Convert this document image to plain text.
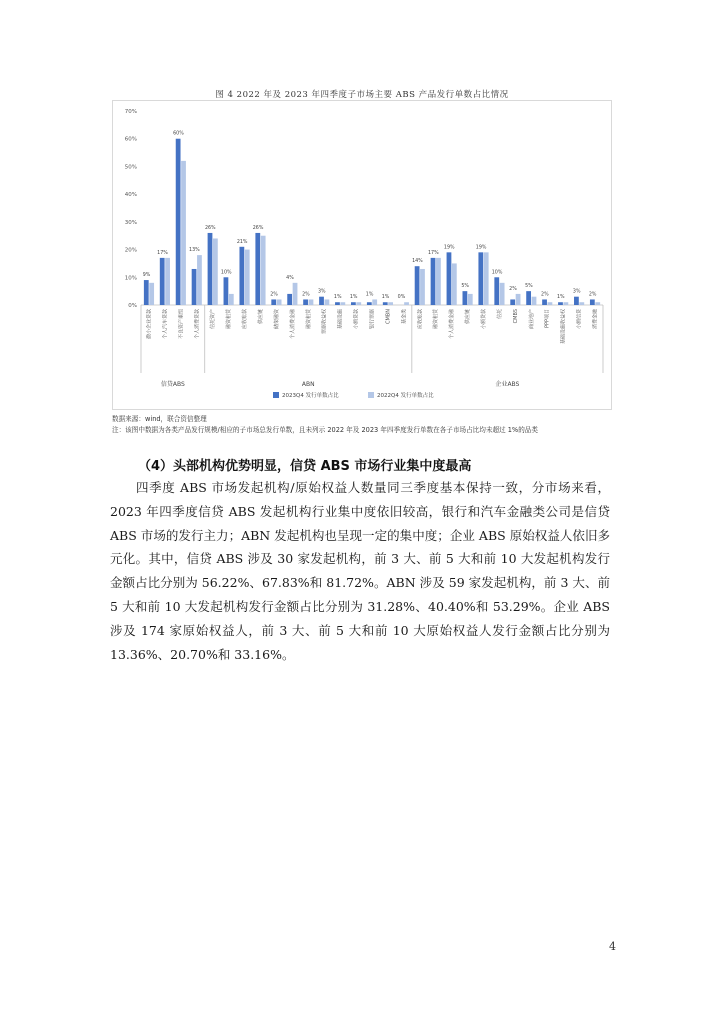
图 4 2022 年及 2023 年四季度子市场主要 ABS 产品发行单数占比情况
0%
10%
20%
30%
40%
50%
60%
70%
9%
微小企业贷款
17%
个人汽车贷款
60%
不良资产重组
13%
个人消费贷款
26%
信托资产
10%
融资租赁
21%
应收账款
26%
供应链
2%
储架融资
4%
个人消费金融
2%
融资租赁
3%
票据收益权
1%
基础设施
1%
小额贷款
1%
银行票据
1%
CMBN
0%
基金类
14%
应收账款
17%
融资租赁
19%
个人消费金融
5%
供应链
19%
小额贷款
10%
信托
2%
CMBS
5%
商业地产
2%
PPP项目
1%
基础设施收益权
3%
小额信贷
2%
消费金融
信贷ABS	ABN	企业ABS
2023Q4 发行单数占比	2022Q4 发行单数占比
数据来源：wind，联合资信整理
注：该图中数据为各类产品发行规模/相应的子市场总发行单数，且未列示 2022 年及 2023 年四季度发行单数在各子市场占比均未超过 1%的品类
（4）头部机构优势明显，信贷 ABS 市场行业集中度最高
四季度 ABS 市场发起机构/原始权益人数量同三季度基本保持一致，分市场来看，2023 年四季度信贷 ABS 发起机构行业集中度依旧较高，银行和汽车金融类公司是信贷 ABS 市场的发行主力；ABN 发起机构也呈现一定的集中度；企业 ABS 原始权益人依旧多元化。其中，信贷 ABS 涉及 30 家发起机构，前 3 大、前 5 大和前 10 大发起机构发行金额占比分别为 56.22%、67.83%和 81.72%。ABN 涉及 59 家发起机构，前 3 大、前 5 大和前 10 大发起机构发行金额占比分别为 31.28%、40.40%和 53.29%。企业 ABS 涉及 174 家原始权益人，前 3 大、前 5 大和前 10 大原始权益人发行金额占比分别为 13.36%、20.70%和 33.16%。
4
